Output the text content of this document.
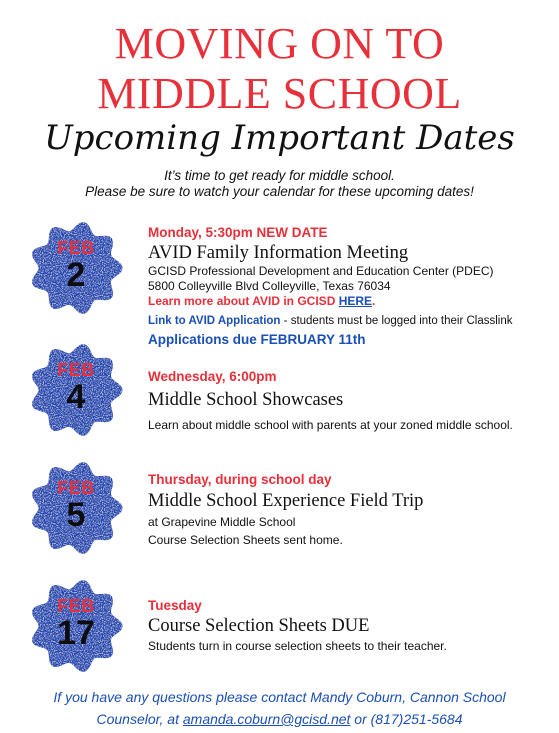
MOVING ON TO
MIDDLE SCHOOL
Upcoming Important Dates
It’s time to get ready for middle school.
Please be sure to watch your calendar for these upcoming dates!
FEB
2
Monday, 5:30pm NEW DATE
AVID Family Information Meeting
GCISD Professional Development and Education Center (PDEC)
5800 Colleyville Blvd Colleyville, Texas 76034
Learn more about AVID in GCISD HERE.
Link to AVID Application - students must be logged into their Classlink
Applications due FEBRUARY 11th
FEB
4
Wednesday, 6:00pm
Middle School Showcases
Learn about middle school with parents at your zoned middle school.
FEB
5
Thursday, during school day
Middle School Experience Field Trip
at Grapevine Middle School
Course Selection Sheets sent home.
FEB
17
Tuesday
Course Selection Sheets DUE
Students turn in course selection sheets to their teacher.
If you have any questions please contact Mandy Coburn, Cannon School
Counselor, at amanda.coburn@gcisd.net or (817)251-5684
